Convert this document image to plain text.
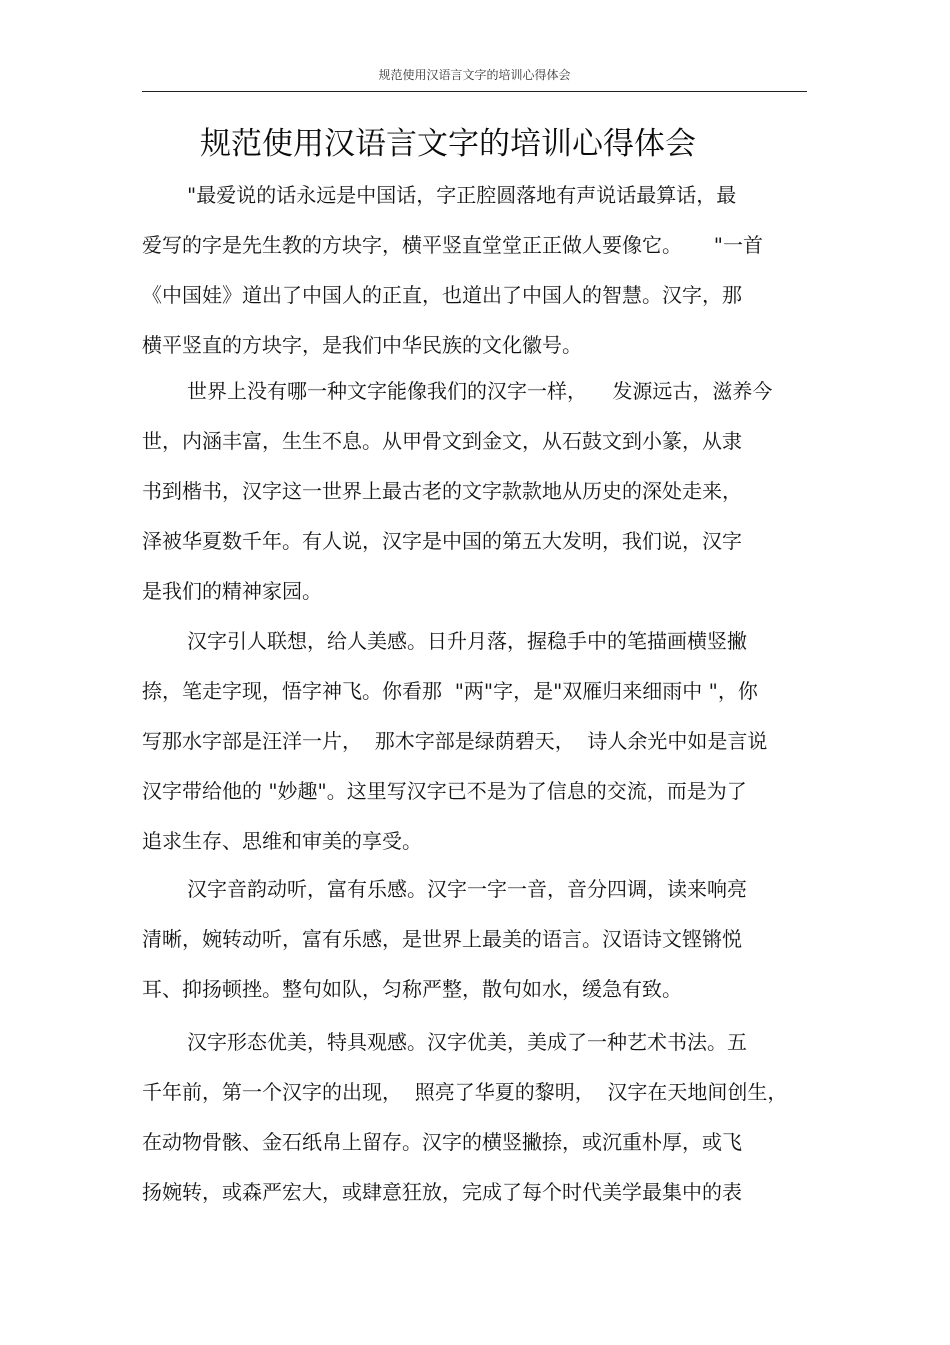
规范使用汉语言文字的培训心得体会
规范使用汉语言文字的培训心得体会
"最爱说的话永远是中国话，字正腔圆落地有声说话最算话，最
爱写的字是先生教的方块字，横平竖直堂堂正正做人要像它。     "一首
《中国娃》道出了中国人的正直，也道出了中国人的智慧。汉字，那
横平竖直的方块字，是我们中华民族的文化徽号。
世界上没有哪一种文字能像我们的汉字一样，    发源远古，滋养今
世，内涵丰富，生生不息。从甲骨文到金文，从石鼓文到小篆，从隶
书到楷书，汉字这一世界上最古老的文字款款地从历史的深处走来，
泽被华夏数千年。有人说，汉字是中国的第五大发明，我们说，汉字
是我们的精神家园。
汉字引人联想，给人美感。日升月落，握稳手中的笔描画横竖撇
捺，笔走字现，悟字神飞。你看那  "两"字，是"双雁归来细雨中 "，你
写那水字部是汪洋一片，  那木字部是绿荫碧天，  诗人余光中如是言说
汉字带给他的 "妙趣"。这里写汉字已不是为了信息的交流，而是为了
追求生存、思维和审美的享受。
汉字音韵动听，富有乐感。汉字一字一音，音分四调，读来响亮
清晰，婉转动听，富有乐感，是世界上最美的语言。汉语诗文铿锵悦
耳、抑扬顿挫。整句如队，匀称严整，散句如水，缓急有致。
汉字形态优美，特具观感。汉字优美，美成了一种艺术书法。五
千年前，第一个汉字的出现，  照亮了华夏的黎明，  汉字在天地间创生，
在动物骨骸、金石纸帛上留存。汉字的横竖撇捺，或沉重朴厚，或飞
扬婉转，或森严宏大，或肆意狂放，完成了每个时代美学最集中的表
